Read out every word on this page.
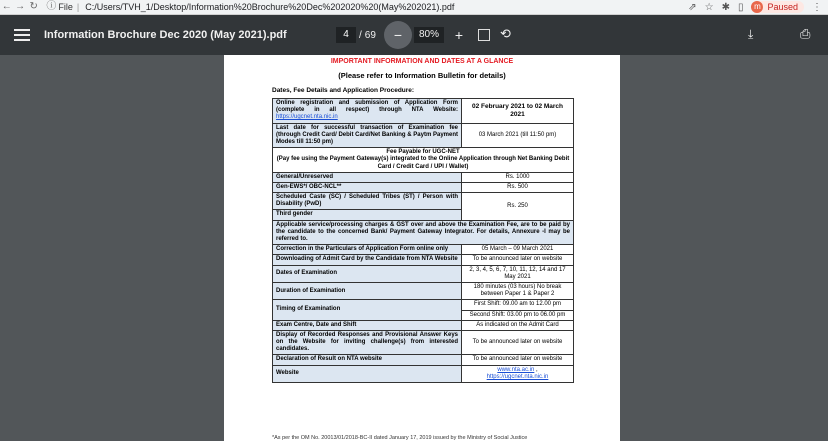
← → ↻ ⓘ File | C:/Users/TVH_1/Desktop/Information%20Brochure%20Dec%202020%20(May%202021).pdf	⇗ ☆ ✱ ▯	m Paused ⋮
Information Brochure Dec 2020 (May 2021).pdf	4	/ 69	−	80%	+	⟲	⤓	⎙
IMPORTANT INFORMATION AND DATES AT A GLANCE
(Please refer to Information Bulletin for details)
Dates, Fee Details and Application Procedure:
Online registration and submission of Application Form (complete in all respect) through NTA Website: https://ugcnet.nta.nic.in	02 February 2021 to 02 March 2021
Last date for successful transaction of Examination fee (through Credit Card/ Debit Card/Net Banking & Paytm Payment Modes till 11:50 pm)	03 March 2021 (till 11:50 pm)

Fee Payable for UGC-NET
(Pay fee using the Payment Gateway(s) integrated to the Online Application through Net Banking Debit Card / Credit Card / UPI / Wallet)	

General/Unreserved	Rs. 1000
Gen-EWS*/ OBC-NCL**	Rs. 500
Scheduled Caste (SC) / Scheduled Tribes (ST) / Person with Disability (PwD)	Rs. 250
Third gender	
Applicable service/processing charges & GST over and above the Examination Fee, are to be paid by the candidate to the concerned Bank/ Payment Gateway Integrator. For details, Annexure -I may be referred to.	
Correction in the Particulars of Application Form online only	05 March – 09 March 2021
Downloading of Admit Card by the Candidate from NTA Website	To be announced later on website
Dates of Examination	2, 3, 4, 5, 6, 7, 10, 11, 12, 14 and 17 May 2021
Duration of Examination	180 minutes (03 hours) No break between Paper 1 & Paper 2
Timing of Examination	First Shift: 09.00 am to 12.00 pm
	Second Shift: 03.00 pm to 06.00 pm
Exam Centre, Date and Shift	As indicated on the Admit Card
Display of Recorded Responses and Provisional Answer Keys on the Website for inviting challenge(s) from interested candidates.	To be announced later on website
Declaration of Result on NTA website	To be announced later on website
Website	www.nta.ac.in ,
https://ugcnet.nta.nic.in
*As per the OM No. 20013/01/2018-BC-II dated January 17, 2019 issued by the Ministry of Social Justice
